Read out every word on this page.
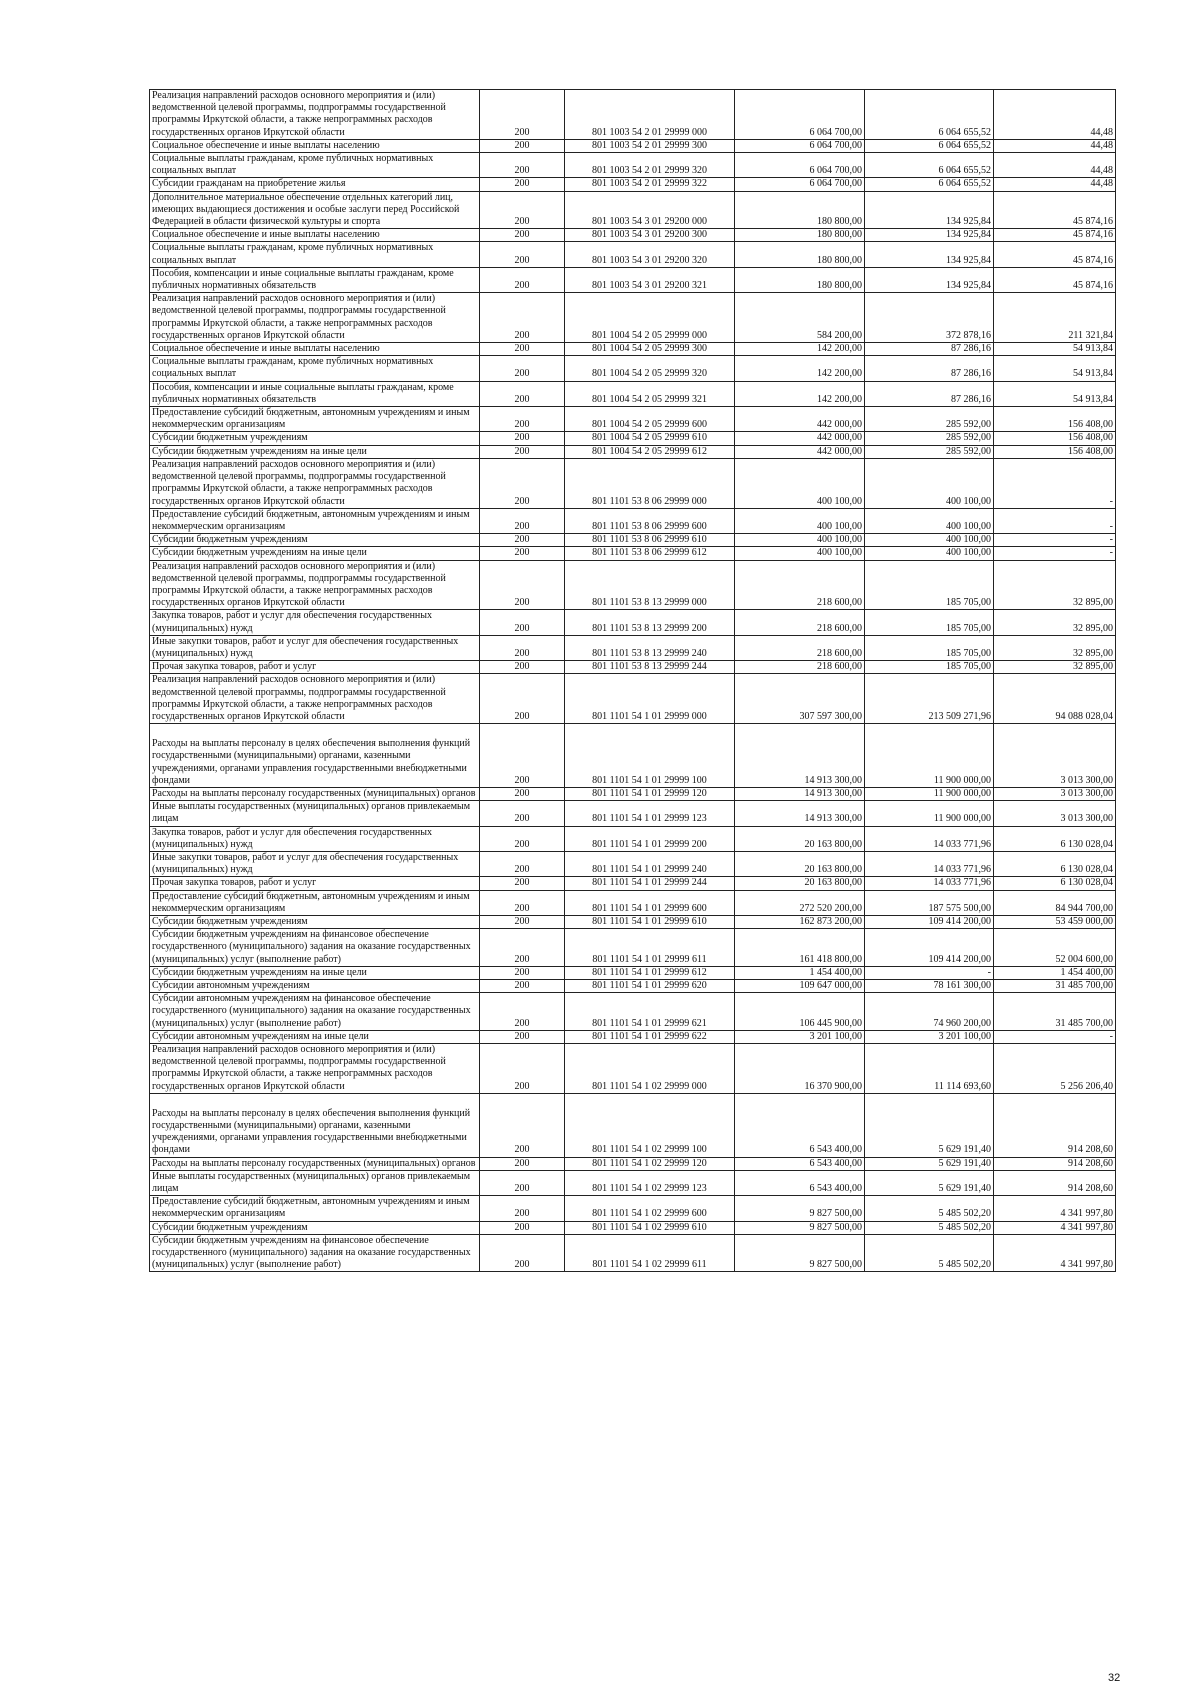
Реализация направлений расходов основного мероприятия и (или) ведомственной целевой программы, подпрограммы государственной программы Иркутской области, а также непрограммных расходов государственных органов Иркутской области	200	801 1003 54 2 01 29999 000	6 064 700,00	6 064 655,52	44,48
Социальное обеспечение и иные выплаты населению	200	801 1003 54 2 01 29999 300	6 064 700,00	6 064 655,52	44,48
Социальные выплаты гражданам, кроме публичных нормативных социальных выплат	200	801 1003 54 2 01 29999 320	6 064 700,00	6 064 655,52	44,48
Субсидии гражданам на приобретение жилья	200	801 1003 54 2 01 29999 322	6 064 700,00	6 064 655,52	44,48
Дополнительное материальное обеспечение отдельных категорий лиц, имеющих выдающиеся достижения и особые заслуги перед Российской Федерацией в области физической культуры и спорта	200	801 1003 54 3 01 29200 000	180 800,00	134 925,84	45 874,16
Социальное обеспечение и иные выплаты населению	200	801 1003 54 3 01 29200 300	180 800,00	134 925,84	45 874,16
Социальные выплаты гражданам, кроме публичных нормативных социальных выплат	200	801 1003 54 3 01 29200 320	180 800,00	134 925,84	45 874,16
Пособия, компенсации и иные социальные выплаты гражданам, кроме публичных нормативных обязательств	200	801 1003 54 3 01 29200 321	180 800,00	134 925,84	45 874,16
Реализация направлений расходов основного мероприятия и (или) ведомственной целевой программы, подпрограммы государственной программы Иркутской области, а также непрограммных расходов государственных органов Иркутской области	200	801 1004 54 2 05 29999 000	584 200,00	372 878,16	211 321,84
Социальное обеспечение и иные выплаты населению	200	801 1004 54 2 05 29999 300	142 200,00	87 286,16	54 913,84
Социальные выплаты гражданам, кроме публичных нормативных социальных выплат	200	801 1004 54 2 05 29999 320	142 200,00	87 286,16	54 913,84
Пособия, компенсации и иные социальные выплаты гражданам, кроме публичных нормативных обязательств	200	801 1004 54 2 05 29999 321	142 200,00	87 286,16	54 913,84
Предоставление субсидий бюджетным, автономным учреждениям и иным некоммерческим организациям	200	801 1004 54 2 05 29999 600	442 000,00	285 592,00	156 408,00
Субсидии бюджетным учреждениям	200	801 1004 54 2 05 29999 610	442 000,00	285 592,00	156 408,00
Субсидии бюджетным учреждениям на иные цели	200	801 1004 54 2 05 29999 612	442 000,00	285 592,00	156 408,00
Реализация направлений расходов основного мероприятия и (или) ведомственной целевой программы, подпрограммы государственной программы Иркутской области, а также непрограммных расходов государственных органов Иркутской области	200	801 1101 53 8 06 29999 000	400 100,00	400 100,00	-
Предоставление субсидий бюджетным, автономным учреждениям и иным некоммерческим организациям	200	801 1101 53 8 06 29999 600	400 100,00	400 100,00	-
Субсидии бюджетным учреждениям	200	801 1101 53 8 06 29999 610	400 100,00	400 100,00	-
Субсидии бюджетным учреждениям на иные цели	200	801 1101 53 8 06 29999 612	400 100,00	400 100,00	-
Реализация направлений расходов основного мероприятия и (или) ведомственной целевой программы, подпрограммы государственной программы Иркутской области, а также непрограммных расходов государственных органов Иркутской области	200	801 1101 53 8 13 29999 000	218 600,00	185 705,00	32 895,00
Закупка товаров, работ и услуг для обеспечения государственных (муниципальных) нужд	200	801 1101 53 8 13 29999 200	218 600,00	185 705,00	32 895,00
Иные закупки товаров, работ и услуг для обеспечения государственных (муниципальных) нужд	200	801 1101 53 8 13 29999 240	218 600,00	185 705,00	32 895,00
Прочая закупка товаров, работ и услуг	200	801 1101 53 8 13 29999 244	218 600,00	185 705,00	32 895,00
Реализация направлений расходов основного мероприятия и (или) ведомственной целевой программы, подпрограммы государственной программы Иркутской области, а также непрограммных расходов государственных органов Иркутской области	200	801 1101 54 1 01 29999 000	307 597 300,00	213 509 271,96	94 088 028,04
Расходы на выплаты персоналу в целях обеспечения выполнения функций государственными (муниципальными) органами, казенными учреждениями, органами управления государственными внебюджетными фондами	200	801 1101 54 1 01 29999 100	14 913 300,00	11 900 000,00	3 013 300,00
Расходы на выплаты персоналу государственных (муниципальных) органов	200	801 1101 54 1 01 29999 120	14 913 300,00	11 900 000,00	3 013 300,00
Иные выплаты государственных (муниципальных) органов привлекаемым лицам	200	801 1101 54 1 01 29999 123	14 913 300,00	11 900 000,00	3 013 300,00
Закупка товаров, работ и услуг для обеспечения государственных (муниципальных) нужд	200	801 1101 54 1 01 29999 200	20 163 800,00	14 033 771,96	6 130 028,04
Иные закупки товаров, работ и услуг для обеспечения государственных (муниципальных) нужд	200	801 1101 54 1 01 29999 240	20 163 800,00	14 033 771,96	6 130 028,04
Прочая закупка товаров, работ и услуг	200	801 1101 54 1 01 29999 244	20 163 800,00	14 033 771,96	6 130 028,04
Предоставление субсидий бюджетным, автономным учреждениям и иным некоммерческим организациям	200	801 1101 54 1 01 29999 600	272 520 200,00	187 575 500,00	84 944 700,00
Субсидии бюджетным учреждениям	200	801 1101 54 1 01 29999 610	162 873 200,00	109 414 200,00	53 459 000,00
Субсидии бюджетным учреждениям на финансовое обеспечение государственного (муниципального) задания на оказание государственных (муниципальных) услуг (выполнение работ)	200	801 1101 54 1 01 29999 611	161 418 800,00	109 414 200,00	52 004 600,00
Субсидии бюджетным учреждениям на иные цели	200	801 1101 54 1 01 29999 612	1 454 400,00	-	1 454 400,00
Субсидии автономным учреждениям	200	801 1101 54 1 01 29999 620	109 647 000,00	78 161 300,00	31 485 700,00
Субсидии автономным учреждениям на финансовое обеспечение государственного (муниципального) задания на оказание государственных (муниципальных) услуг (выполнение работ)	200	801 1101 54 1 01 29999 621	106 445 900,00	74 960 200,00	31 485 700,00
Субсидии автономным учреждениям на иные цели	200	801 1101 54 1 01 29999 622	3 201 100,00	3 201 100,00	-
Реализация направлений расходов основного мероприятия и (или) ведомственной целевой программы, подпрограммы государственной программы Иркутской области, а также непрограммных расходов государственных органов Иркутской области	200	801 1101 54 1 02 29999 000	16 370 900,00	11 114 693,60	5 256 206,40
Расходы на выплаты персоналу в целях обеспечения выполнения функций государственными (муниципальными) органами, казенными учреждениями, органами управления государственными внебюджетными фондами	200	801 1101 54 1 02 29999 100	6 543 400,00	5 629 191,40	914 208,60
Расходы на выплаты персоналу государственных (муниципальных) органов	200	801 1101 54 1 02 29999 120	6 543 400,00	5 629 191,40	914 208,60
Иные выплаты государственных (муниципальных) органов привлекаемым лицам	200	801 1101 54 1 02 29999 123	6 543 400,00	5 629 191,40	914 208,60
Предоставление субсидий бюджетным, автономным учреждениям и иным некоммерческим организациям	200	801 1101 54 1 02 29999 600	9 827 500,00	5 485 502,20	4 341 997,80
Субсидии бюджетным учреждениям	200	801 1101 54 1 02 29999 610	9 827 500,00	5 485 502,20	4 341 997,80
Субсидии бюджетным учреждениям на финансовое обеспечение государственного (муниципального) задания на оказание государственных (муниципальных) услуг (выполнение работ)	200	801 1101 54 1 02 29999 611	9 827 500,00	5 485 502,20	4 341 997,80
32
